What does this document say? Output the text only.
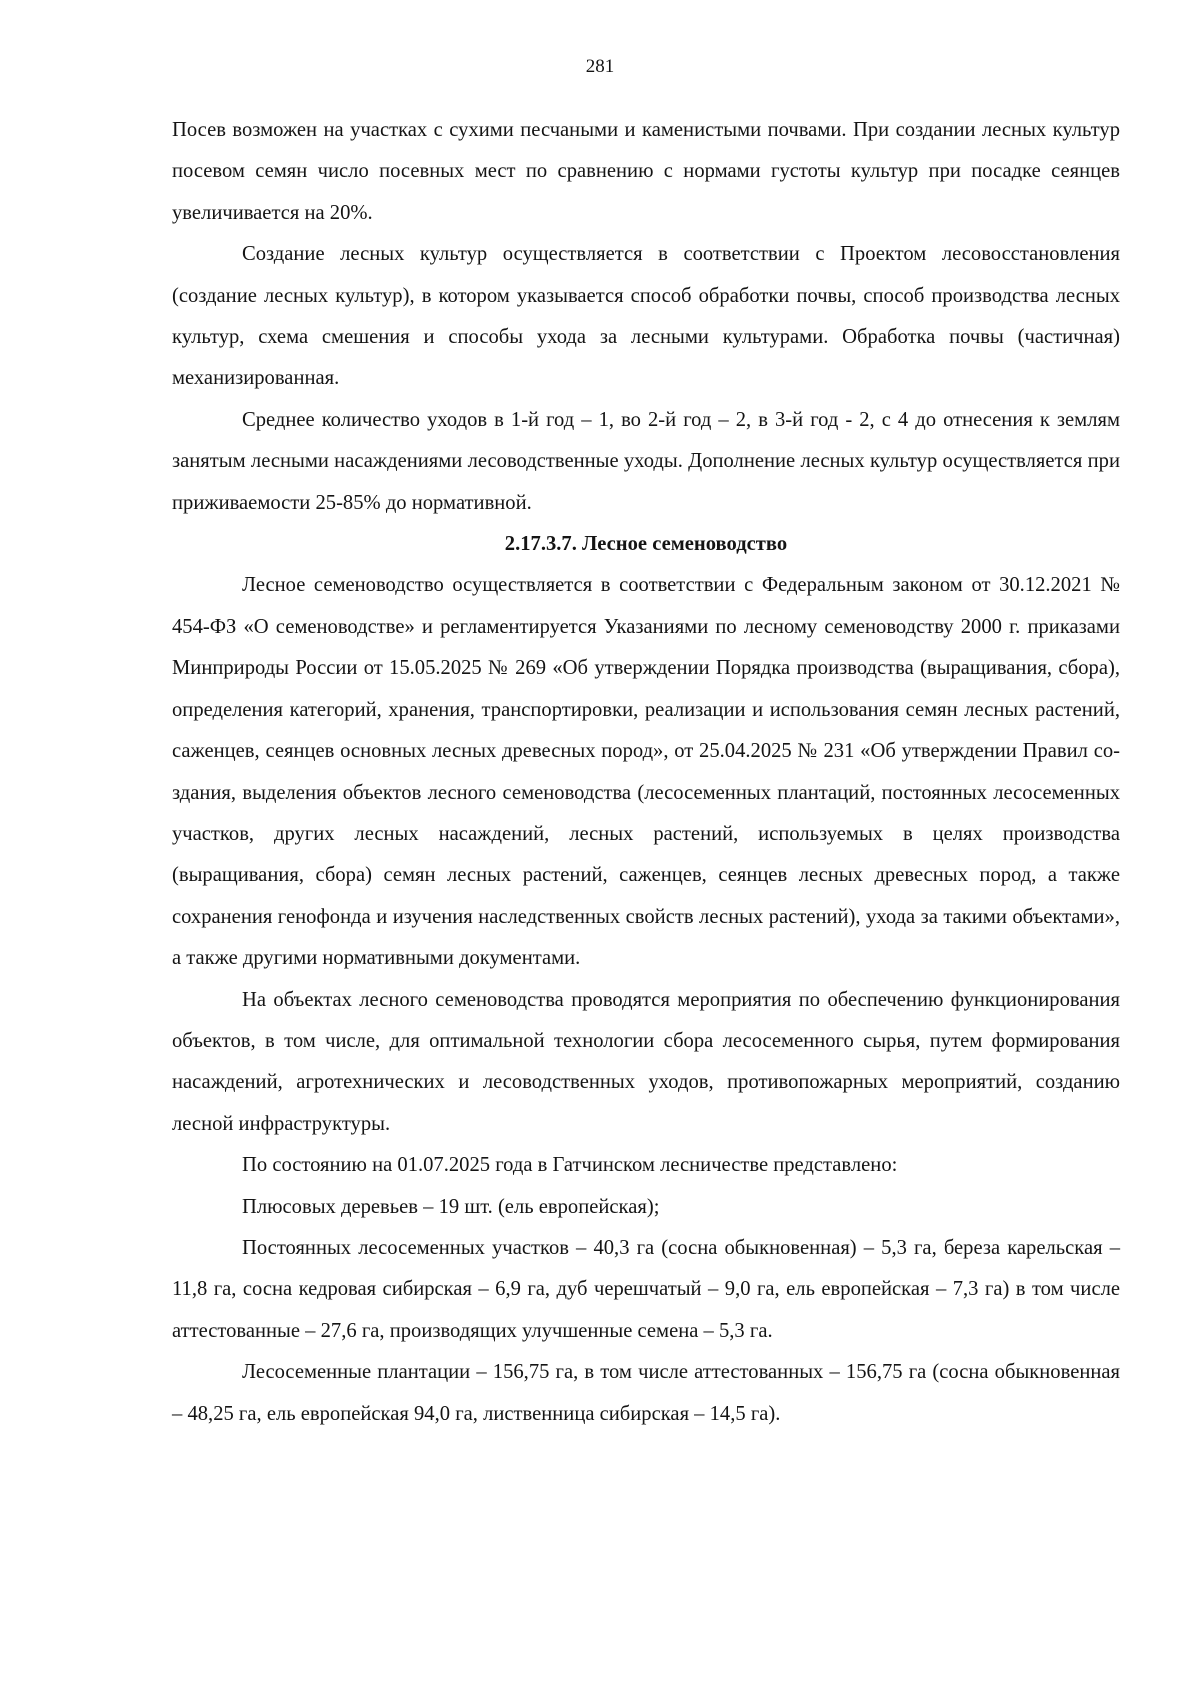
281

Посев возможен на участках с сухими песчаными и каменистыми почвами. При создании лесных культур посевом семян число посевных мест по сравнению с нормами густоты культур при посадке сеянцев увеличивается на 20%.

Создание лесных культур осуществляется в соответствии с Проектом лесовосстановления (создание лесных культур), в котором указывается способ обработки почвы, способ производства лесных культур, схема смешения и способы ухода за лесными культурами. Обработка почвы (частичная) механизированная.

Среднее количество уходов в 1-й год – 1, во 2-й год – 2, в 3-й год - 2, с 4 до отнесения к землям занятым лесными насаждениями лесоводственные уходы. Дополнение лесных культур осуществляется при приживаемости 25-85% до нормативной.

2.17.3.7. Лесное семеноводство

Лесное семеноводство осуществляется в соответствии с Федеральным законом от 30.12.2021 № 454-ФЗ «О семеноводстве» и регламентируется Указаниями по лесному семеноводству 2000 г. приказами Минприроды России от 15.05.2025 № 269 «Об утверждении Порядка производства (выращивания, сбора), определения категорий, хранения, транспортировки, реализации и использования семян лесных растений, саженцев, сеянцев основных лесных древесных пород», от 25.04.2025 № 231 «Об утверждении Правил создания, выделения объектов лесного семеноводства (лесосеменных плантаций, постоянных лесосеменных участков, других лесных насаждений, лесных растений, используемых в целях производства (выращивания, сбора) семян лесных растений, саженцев, сеянцев лесных древесных пород, а также сохранения генофонда и изучения наследственных свойств лесных растений), ухода за такими объектами», а также другими нормативными документами.

На объектах лесного семеноводства проводятся мероприятия по обеспечению функционирования объектов, в том числе, для оптимальной технологии сбора лесосеменного сырья, путем формирования насаждений, агротехнических и лесоводственных уходов, противопожарных мероприятий, созданию лесной инфраструктуры.

По состоянию на 01.07.2025 года в Гатчинском лесничестве представлено:

Плюсовых деревьев – 19 шт. (ель европейская);

Постоянных лесосеменных участков – 40,3 га (сосна обыкновенная) – 5,3 га, береза карельская – 11,8 га, сосна кедровая сибирская – 6,9 га, дуб черешчатый – 9,0 га, ель европейская – 7,3 га) в том числе аттестованные – 27,6 га, производящих улучшенные семена – 5,3 га.

Лесосеменные плантации – 156,75 га, в том числе аттестованных – 156,75 га (сосна обыкновенная – 48,25 га, ель европейская 94,0 га, лиственница сибирская – 14,5 га).
